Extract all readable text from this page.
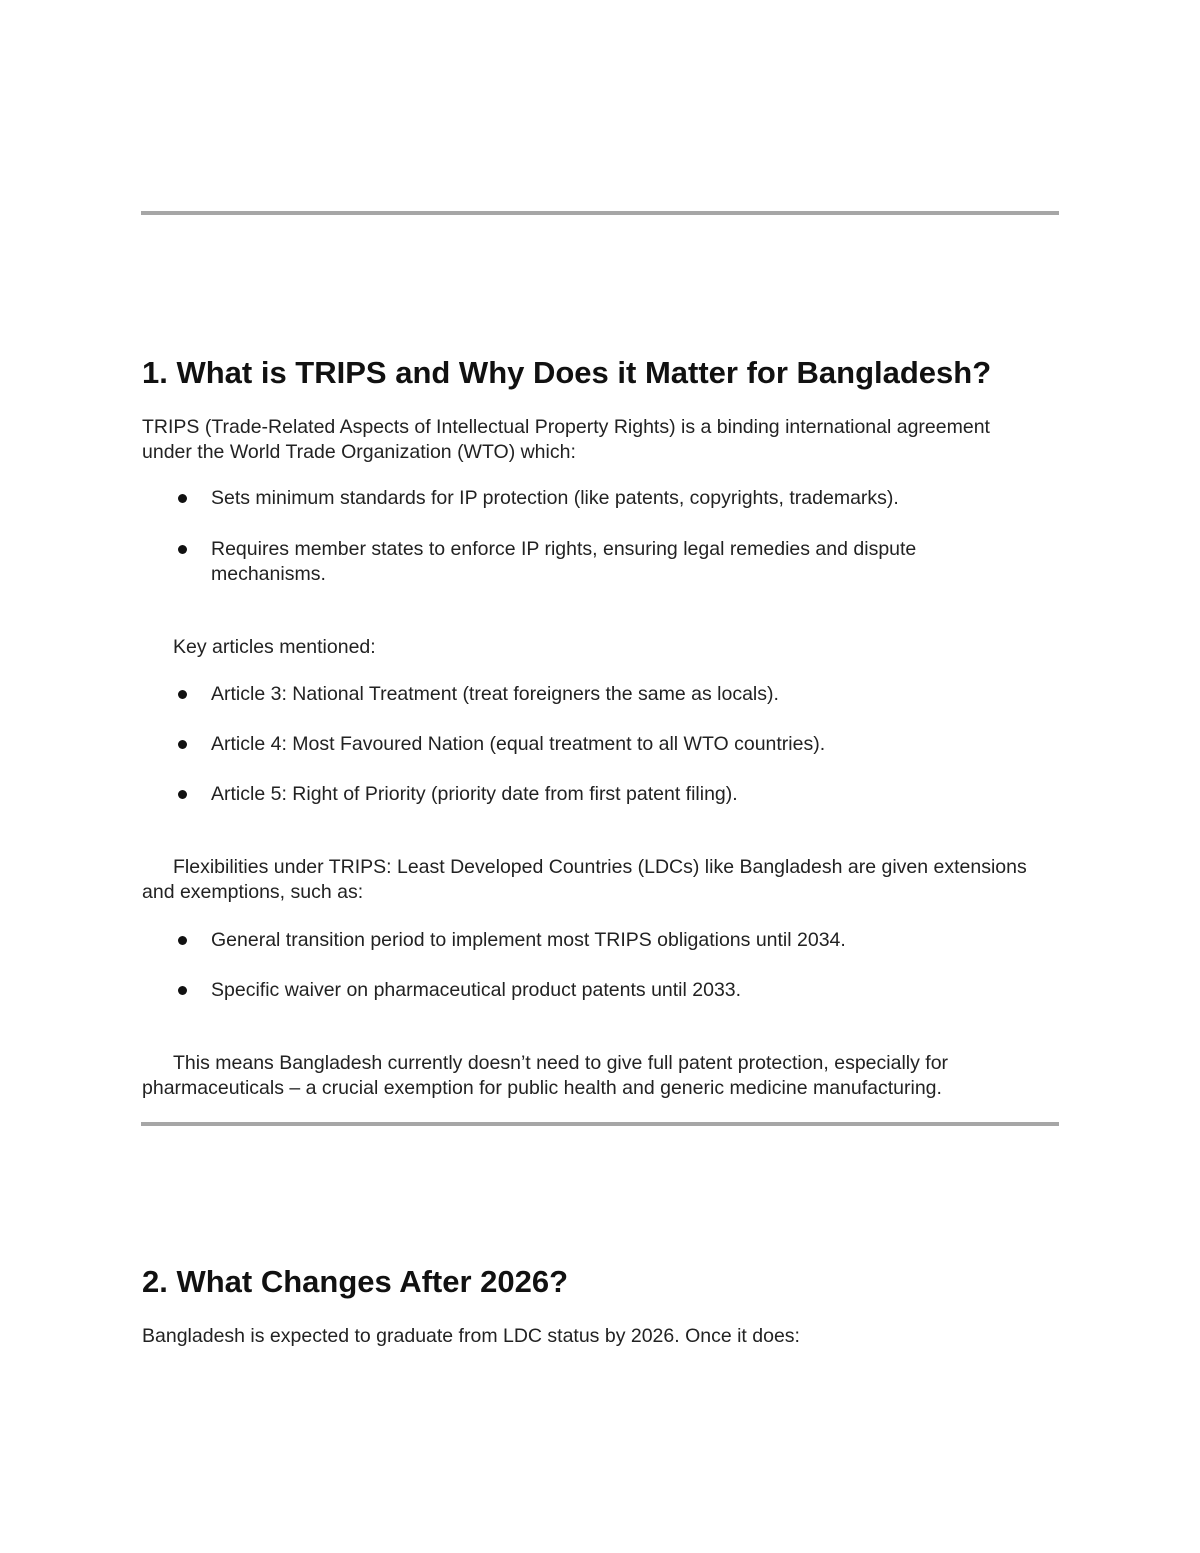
1. What is TRIPS and Why Does it Matter for Bangladesh?

TRIPS (Trade-Related Aspects of Intellectual Property Rights) is a binding international agreement under the World Trade Organization (WTO) which:

Sets minimum standards for IP protection (like patents, copyrights, trademarks).
Requires member states to enforce IP rights, ensuring legal remedies and dispute mechanisms.

Key articles mentioned:

Article 3: National Treatment (treat foreigners the same as locals).
Article 4: Most Favoured Nation (equal treatment to all WTO countries).
Article 5: Right of Priority (priority date from first patent filing).

Flexibilities under TRIPS: Least Developed Countries (LDCs) like Bangladesh are given extensions and exemptions, such as:

General transition period to implement most TRIPS obligations until 2034.
Specific waiver on pharmaceutical product patents until 2033.

This means Bangladesh currently doesn’t need to give full patent protection, especially for pharmaceuticals – a crucial exemption for public health and generic medicine manufacturing.

2. What Changes After 2026?

Bangladesh is expected to graduate from LDC status by 2026. Once it does:
